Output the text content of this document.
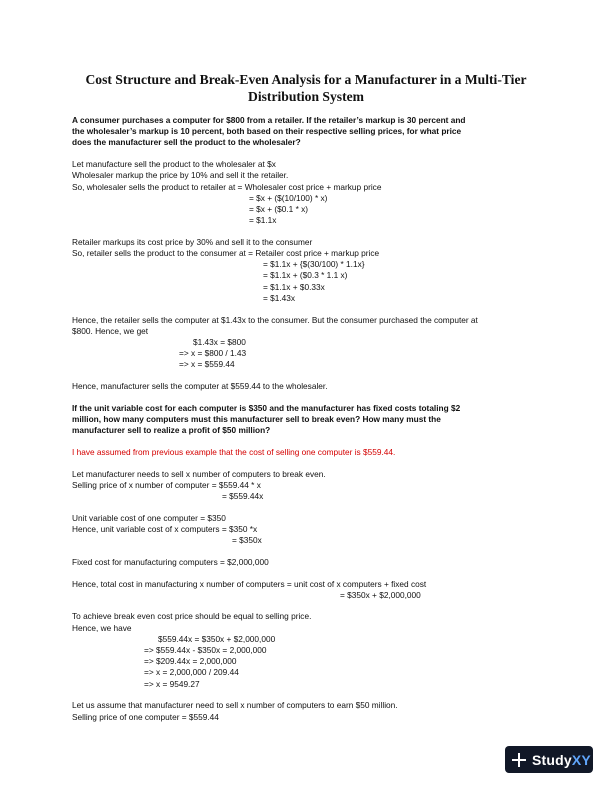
Cost Structure and Break-Even Analysis for a Manufacturer in a Multi-Tier
Distribution System
A consumer purchases a computer for $800 from a retailer. If the retailer’s markup is 30 percent and
the wholesaler’s markup is 10 percent, both based on their respective selling prices, for what price
does the manufacturer sell the product to the wholesaler?
Let manufacture sell the product to the wholesaler at $x
Wholesaler markup the price by 10% and sell it the retailer.
So, wholesaler sells the product to retailer at = Wholesaler cost price + markup price
= $x + ($(10/100) * x)
= $x + ($0.1 * x)
= $1.1x
Retailer markups its cost price by 30% and sell it to the consumer
So, retailer sells the product to the consumer at = Retailer cost price + markup price
= $1.1x + {$(30/100) * 1.1x}
= $1.1x + ($0.3 * 1.1 x)
= $1.1x + $0.33x
= $1.43x
Hence, the retailer sells the computer at $1.43x to the consumer. But the consumer purchased the computer at
$800. Hence, we get
$1.43x = $800
=> x = $800 / 1.43
=> x = $559.44
Hence, manufacturer sells the computer at $559.44 to the wholesaler.
If the unit variable cost for each computer is $350 and the manufacturer has fixed costs totaling $2
million, how many computers must this manufacturer sell to break even? How many must the
manufacturer sell to realize a profit of $50 million?
I have assumed from previous example that the cost of selling one computer is $559.44.
Let manufacturer needs to sell x number of computers to break even.
Selling price of x number of computer = $559.44 * x
= $559.44x
Unit variable cost of one computer = $350
Hence, unit variable cost of x computers = $350 *x
= $350x
Fixed cost for manufacturing computers = $2,000,000
Hence, total cost in manufacturing x number of computers = unit cost of x computers + fixed cost
= $350x + $2,000,000
To achieve break even cost price should be equal to selling price.
Hence, we have
$559.44x = $350x + $2,000,000
=> $559.44x - $350x = 2,000,000
=> $209.44x = 2,000,000
=> x = 2,000,000 / 209.44
=> x = 9549.27
Let us assume that manufacturer need to sell x number of computers to earn $50 million.
Selling price of one computer = $559.44
StudyXY
